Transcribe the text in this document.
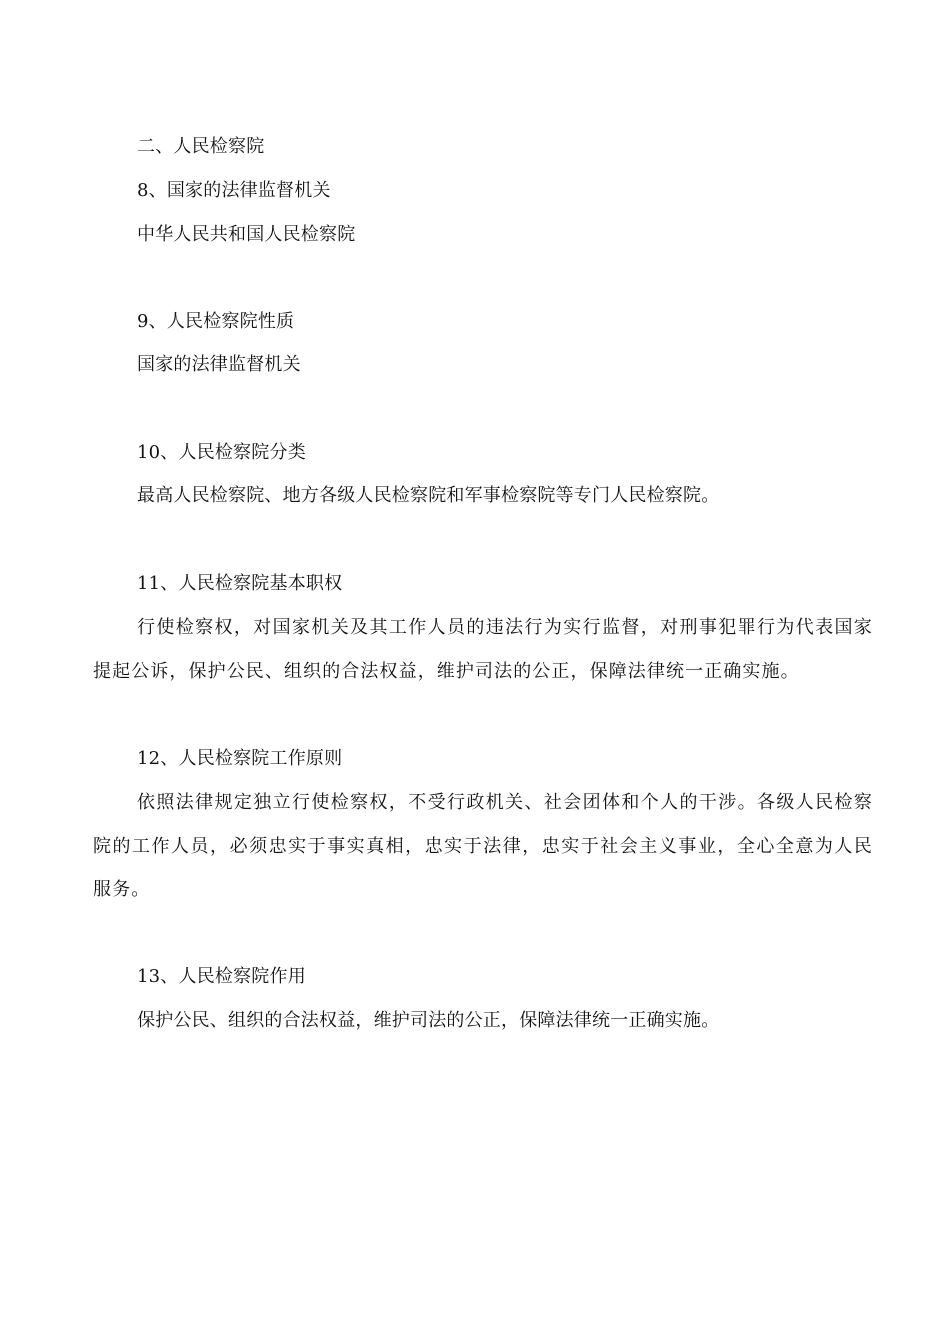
二、人民检察院
8、国家的法律监督机关
中华人民共和国人民检察院
9、人民检察院性质
国家的法律监督机关
10、人民检察院分类
最高人民检察院、地方各级人民检察院和军事检察院等专门人民检察院。
11、人民检察院基本职权
行使检察权，对国家机关及其工作人员的违法行为实行监督，对刑事犯罪行为代表国家提起公诉，保护公民、组织的合法权益，维护司法的公正，保障法律统一正确实施。
12、人民检察院工作原则
依照法律规定独立行使检察权，不受行政机关、社会团体和个人的干涉。各级人民检察院的工作人员，必须忠实于事实真相，忠实于法律，忠实于社会主义事业，全心全意为人民服务。
13、人民检察院作用
保护公民、组织的合法权益，维护司法的公正，保障法律统一正确实施。
